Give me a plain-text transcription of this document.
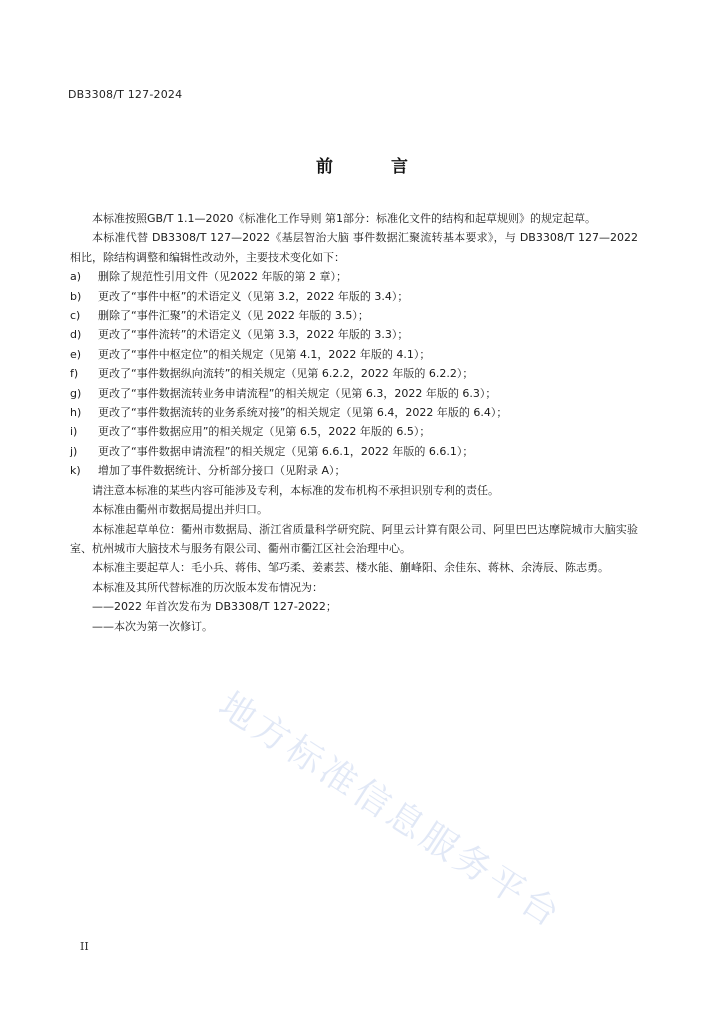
DB3308/T 127-2024
前 言

本标准按照GB/T 1.1—2020《标准化工作导则 第1部分：标准化文件的结构和起草规则》的规定起草。

本标准代替 DB3308/T 127—2022《基层智治大脑 事件数据汇聚流转基本要求》，与 DB3308/T 127—2022 相比，除结构调整和编辑性改动外，主要技术变化如下：

a) 删除了规范性引用文件（见2022 年版的第 2 章）；

b) 更改了“事件中枢”的术语定义（见第 3.2，2022 年版的 3.4）；

c) 删除了“事件汇聚”的术语定义（见 2022 年版的 3.5）；

d) 更改了“事件流转”的术语定义（见第 3.3，2022 年版的 3.3）；

e) 更改了“事件中枢定位”的相关规定（见第 4.1，2022 年版的 4.1）；

f) 更改了“事件数据纵向流转”的相关规定（见第 6.2.2，2022 年版的 6.2.2）；

g) 更改了“事件数据流转业务申请流程”的相关规定（见第 6.3，2022 年版的 6.3）；

h) 更改了“事件数据流转的业务系统对接”的相关规定（见第 6.4，2022 年版的 6.4）；

i) 更改了“事件数据应用”的相关规定（见第 6.5，2022 年版的 6.5）；

j) 更改了“事件数据申请流程”的相关规定（见第 6.6.1，2022 年版的 6.6.1）；

k) 增加了事件数据统计、分析部分接口（见附录 A）；

请注意本标准的某些内容可能涉及专利，本标准的发布机构不承担识别专利的责任。

本标准由衢州市数据局提出并归口。

本标准起草单位：衢州市数据局、浙江省质量科学研究院、阿里云计算有限公司、阿里巴巴达摩院城市大脑实验室、杭州城市大脑技术与服务有限公司、衢州市衢江区社会治理中心。

本标准主要起草人：毛小兵、蒋伟、邹巧柔、姜素芸、楼水能、蒯峰阳、余佳东、蒋林、余涛辰、陈志勇。

本标准及其所代替标准的历次版本发布情况为：

——2022 年首次发布为 DB3308/T 127-2022；

——本次为第一次修订。

地方标准信息服务平台
II
